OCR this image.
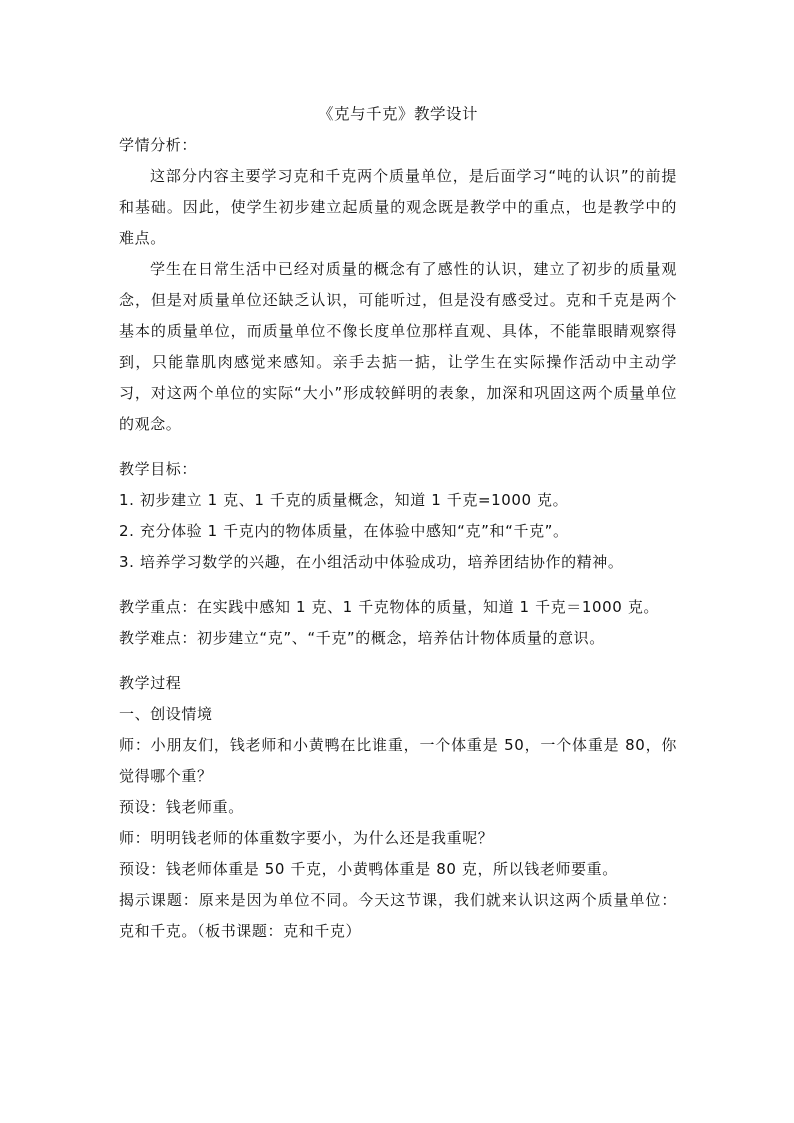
《克与千克》教学设计

学情分析：

这部分内容主要学习克和千克两个质量单位，是后面学习“吨的认识”的前提和基础。因此，使学生初步建立起质量的观念既是教学中的重点，也是教学中的难点。

学生在日常生活中已经对质量的概念有了感性的认识，建立了初步的质量观念，但是对质量单位还缺乏认识，可能听过，但是没有感受过。克和千克是两个基本的质量单位，而质量单位不像长度单位那样直观、具体，不能靠眼睛观察得到，只能靠肌肉感觉来感知。亲手去掂一掂，让学生在实际操作活动中主动学习，对这两个单位的实际“大小”形成较鲜明的表象，加深和巩固这两个质量单位的观念。

教学目标：

1. 初步建立 1 克、1 千克的质量概念，知道 1 千克=1000 克。

2. 充分体验 1 千克内的物体质量，在体验中感知“克”和“千克”。

3. 培养学习数学的兴趣，在小组活动中体验成功，培养团结协作的精神。

教学重点：在实践中感知 1 克、1 千克物体的质量，知道 1 千克＝1000 克。

教学难点：初步建立“克”、“千克”的概念，培养估计物体质量的意识。

教学过程

一、创设情境

师：小朋友们，钱老师和小黄鸭在比谁重，一个体重是 50，一个体重是 80，你觉得哪个重？

预设：钱老师重。

师：明明钱老师的体重数字要小，为什么还是我重呢？

预设：钱老师体重是 50 千克，小黄鸭体重是 80 克，所以钱老师要重。

揭示课题：原来是因为单位不同。今天这节课，我们就来认识这两个质量单位：克和千克。（板书课题：克和千克）
